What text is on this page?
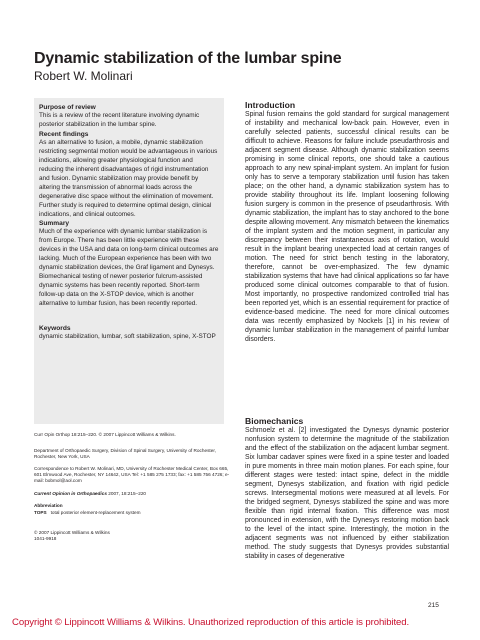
Dynamic stabilization of the lumbar spine
Robert W. Molinari
Purpose of review
This is a review of the recent literature involving dynamic posterior stabilization in the lumbar spine.
Recent findings
As an alternative to fusion, a mobile, dynamic stabilization restricting segmental motion would be advantageous in various indications, allowing greater physiological function and reducing the inherent disadvantages of rigid instrumentation and fusion. Dynamic stabilization may provide benefit by altering the transmission of abnormal loads across the degenerative disc space without the elimination of movement. Further study is required to determine optimal design, clinical indications, and clinical outcomes.
Summary
Much of the experience with dynamic lumbar stabilization is from Europe. There has been little experience with these devices in the USA and data on long-term clinical outcomes are lacking. Much of the European experience has been with two dynamic stabilization devices, the Graf ligament and Dynesys. Biomechanical testing of newer posterior fulcrum-assisted dynamic systems has been recently reported. Short-term follow-up data on the X-STOP device, which is another alternative to lumbar fusion, has been recently reported.
Keywords
dynamic stabilization, lumbar, soft stabilization, spine, X-STOP
Curr Opin Orthop 18:215–220. © 2007 Lippincott Williams & Wilkins.
Department of Orthopaedic Surgery, Division of Spinal Surgery, University of Rochester, Rochester, New York, USA
Correspondence to Robert W. Molinari, MD, University of Rochester Medical Center, Box 665, 601 Elmwood Ave, Rochester, NY 14642, USA Tel: +1 585 275 1733; fax: +1 585 756 4726; e-mail: bobmol@aol.com
Current Opinion in Orthopaedics 2007, 18:215–220
Abbreviation
TOPS total posterior element-replacement system
© 2007 Lippincott Williams & Wilkins
1041-9918
Introduction
Spinal fusion remains the gold standard for surgical management of instability and mechanical low-back pain. However, even in carefully selected patients, successful clinical results can be difficult to achieve. Reasons for failure include pseudarthrosis and adjacent segment disease. Although dynamic stabilization seems promising in some clinical reports, one should take a cautious approach to any new spinal-implant system. An implant for fusion only has to serve a temporary stabilization until fusion has taken place; on the other hand, a dynamic stabilization system has to provide stability throughout its life. Implant loosening following fusion surgery is common in the presence of pseudarthrosis. With dynamic stabilization, the implant has to stay anchored to the bone despite allowing movement. Any mismatch between the kinematics of the implant system and the motion segment, in particular any discrepancy between their instantaneous axis of rotation, would result in the implant bearing unexpected load at certain ranges of motion. The need for strict bench testing in the laboratory, therefore, cannot be over-emphasized. The few dynamic stabilization systems that have had clinical applications so far have produced some clinical outcomes comparable to that of fusion. Most importantly, no prospective randomized controlled trial has been reported yet, which is an essential requirement for practice of evidence-based medicine. The need for more clinical outcomes data was recently emphasized by Nockels [1] in his review of dynamic lumbar stabilization in the management of painful lumbar disorders.
Biomechanics
Schmoelz et al. [2] investigated the Dynesys dynamic posterior nonfusion system to determine the magnitude of the stabilization and the effect of the stabilization on the adjacent lumbar segment. Six lumbar cadaver spines were fixed in a spine tester and loaded in pure moments in three main motion planes. For each spine, four different stages were tested: intact spine, defect in the middle segment, Dynesys stabilization, and fixation with rigid pedicle screws. Intersegmental motions were measured at all levels. For the bridged segment, Dynesys stabilized the spine and was more flexible than rigid internal fixation. This difference was most pronounced in extension, with the Dynesys restoring motion back to the level of the intact spine. Interestingly, the motion in the adjacent segments was not influenced by either stabilization method. The study suggests that Dynesys provides substantial stability in cases of degenerative
215
Copyright © Lippincott Williams & Wilkins. Unauthorized reproduction of this article is prohibited.
